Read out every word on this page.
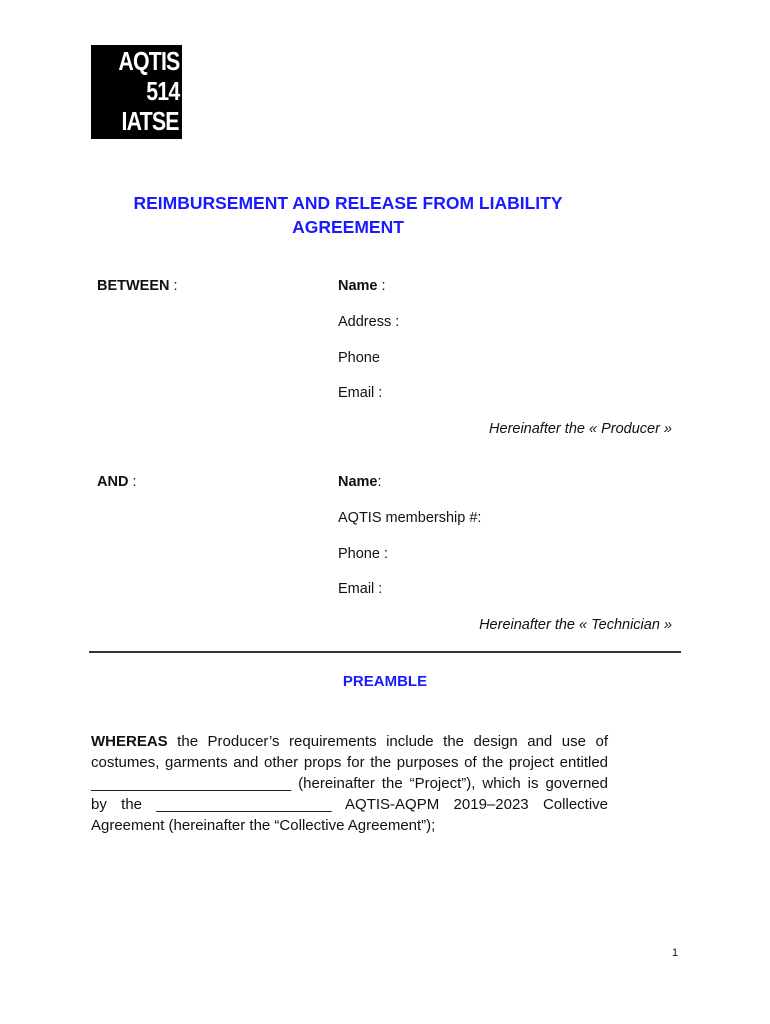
AQTIS
514
IATSE
REIMBURSEMENT AND RELEASE FROM LIABILITY
AGREEMENT
BETWEEN :	Name :
Address :
Phone
Email :
Hereinafter the « Producer »
AND :	Name:
AQTIS membership #:
Phone :
Email :
Hereinafter the « Technician »
PREAMBLE
WHEREAS the Producer’s requirements include the design and use of costumes, garments and other props for the purposes of the project entitled ________________________ (hereinafter the “Project”), which is governed by the _____________________ AQTIS-AQPM 2019–2023 Collective Agreement (hereinafter the “Collective Agreement”);
1
